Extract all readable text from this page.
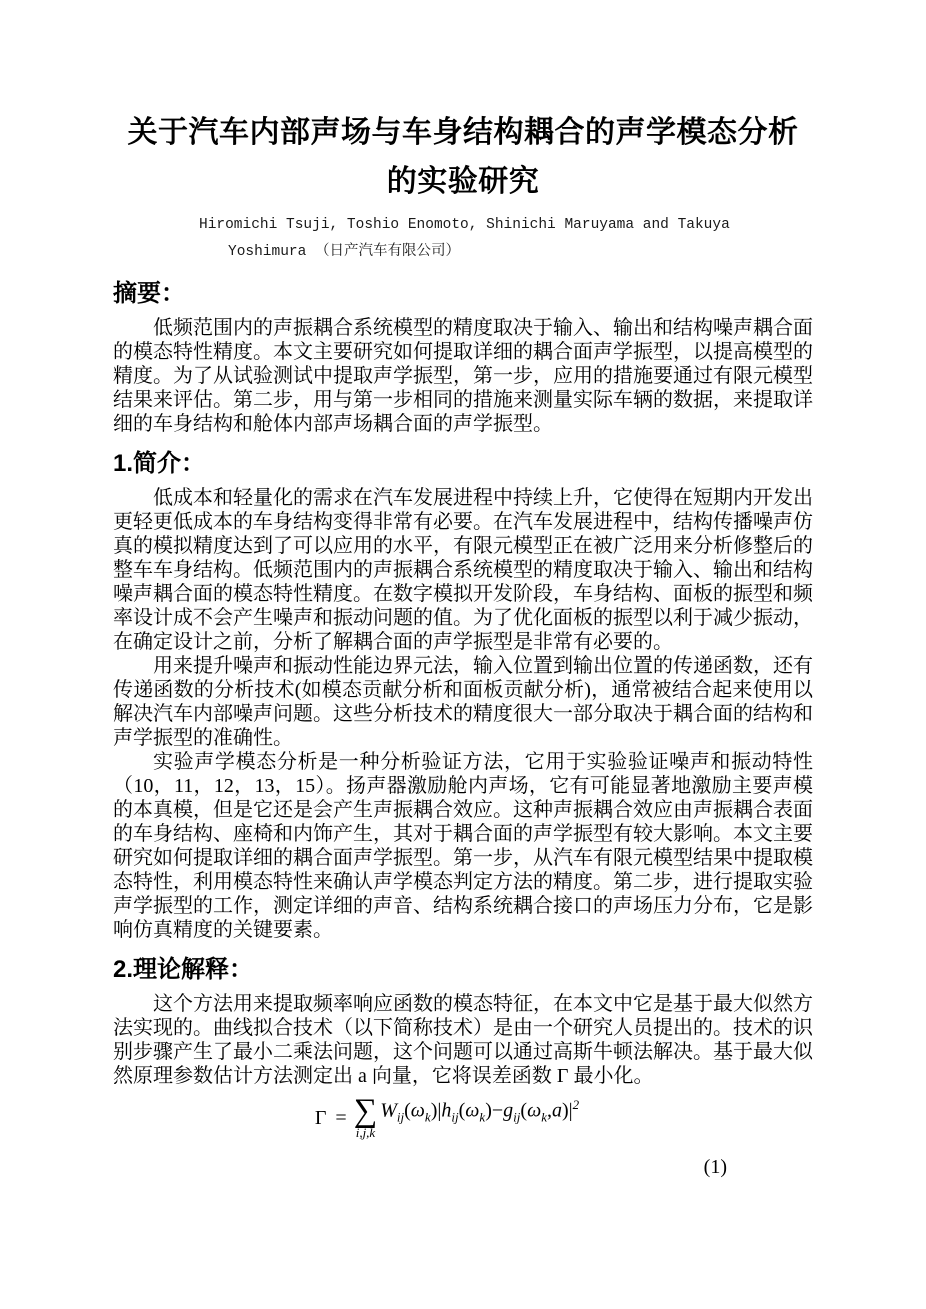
关于汽车内部声场与车身结构耦合的声学模态分析
的实验研究
Hiromichi Tsuji, Toshio Enomoto, Shinichi Maruyama and Takuya
Yoshimura （日产汽车有限公司）
摘要：

低频范围内的声振耦合系统模型的精度取决于输入、输出和结构噪声耦合面的模态特性精度。本文主要研究如何提取详细的耦合面声学振型，以提高模型的精度。为了从试验测试中提取声学振型，第一步，应用的措施要通过有限元模型结果来评估。第二步，用与第一步相同的措施来测量实际车辆的数据，来提取详细的车身结构和舱体内部声场耦合面的声学振型。

1.简介：

低成本和轻量化的需求在汽车发展进程中持续上升，它使得在短期内开发出更轻更低成本的车身结构变得非常有必要。在汽车发展进程中，结构传播噪声仿真的模拟精度达到了可以应用的水平，有限元模型正在被广泛用来分析修整后的整车车身结构。低频范围内的声振耦合系统模型的精度取决于输入、输出和结构噪声耦合面的模态特性精度。在数字模拟开发阶段，车身结构、面板的振型和频率设计成不会产生噪声和振动问题的值。为了优化面板的振型以利于减少振动，在确定设计之前，分析了解耦合面的声学振型是非常有必要的。

用来提升噪声和振动性能边界元法，输入位置到输出位置的传递函数，还有传递函数的分析技术(如模态贡献分析和面板贡献分析)，通常被结合起来使用以解决汽车内部噪声问题。这些分析技术的精度很大一部分取决于耦合面的结构和声学振型的准确性。

实验声学模态分析是一种分析验证方法，它用于实验验证噪声和振动特性（10，11，12，13，15）。扬声器激励舱内声场，它有可能显著地激励主要声模的本真模，但是它还是会产生声振耦合效应。这种声振耦合效应由声振耦合表面的车身结构、座椅和内饰产生，其对于耦合面的声学振型有较大影响。本文主要研究如何提取详细的耦合面声学振型。第一步，从汽车有限元模型结果中提取模态特性，利用模态特性来确认声学模态判定方法的精度。第二步，进行提取实验声学振型的工作，测定详细的声音、结构系统耦合接口的声场压力分布，它是影响仿真精度的关键要素。

2.理论解释：

这个方法用来提取频率响应函数的模态特征，在本文中它是基于最大似然方法实现的。曲线拟合技术（以下简称技术）是由一个研究人员提出的。技术的识别步骤产生了最小二乘法问题，这个问题可以通过高斯牛顿法解决。基于最大似然原理参数估计方法测定出 a 向量，它将误差函数 Γ 最小化。

Γ = ∑
i,j,k
$W_{ij}(\omega_k)|h_{ij}(\omega_k)-g_{ij}(\omega_k,a)|^2$
(1)
